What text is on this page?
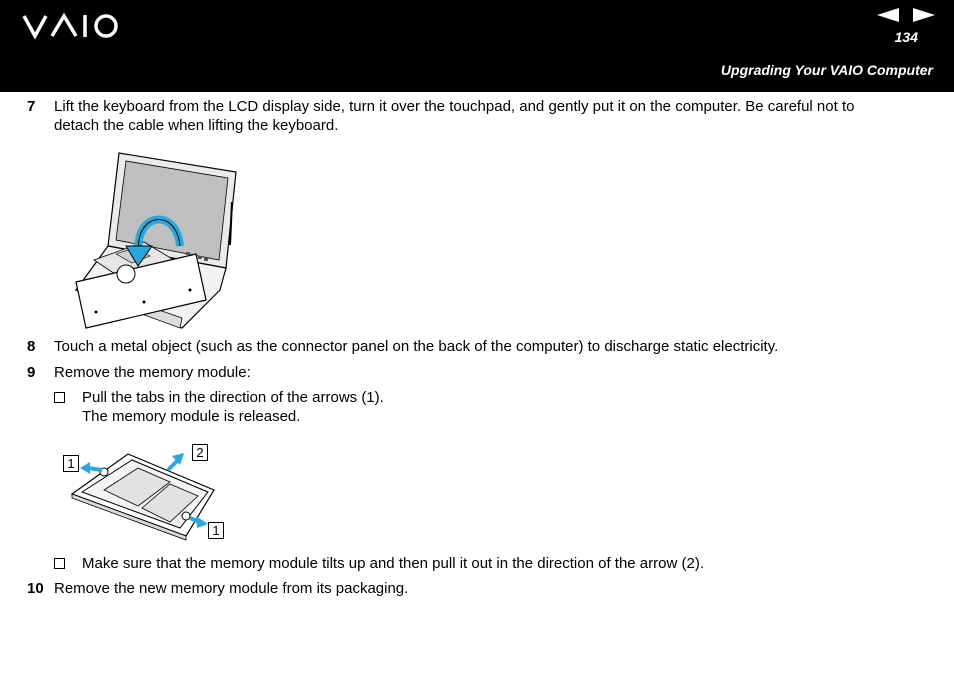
134
Upgrading Your VAIO Computer
7 Lift the keyboard from the LCD display side, turn it over the touchpad, and gently put it on the computer. Be careful not to
detach the cable when lifting the keyboard.
8 Touch a metal object (such as the connector panel on the back of the computer) to discharge static electricity.
9 Remove the memory module:
Pull the tabs in the direction of the arrows (1).
The memory module is released.
1
2
1
Make sure that the memory module tilts up and then pull it out in the direction of the arrow (2).
10 Remove the new memory module from its packaging.
